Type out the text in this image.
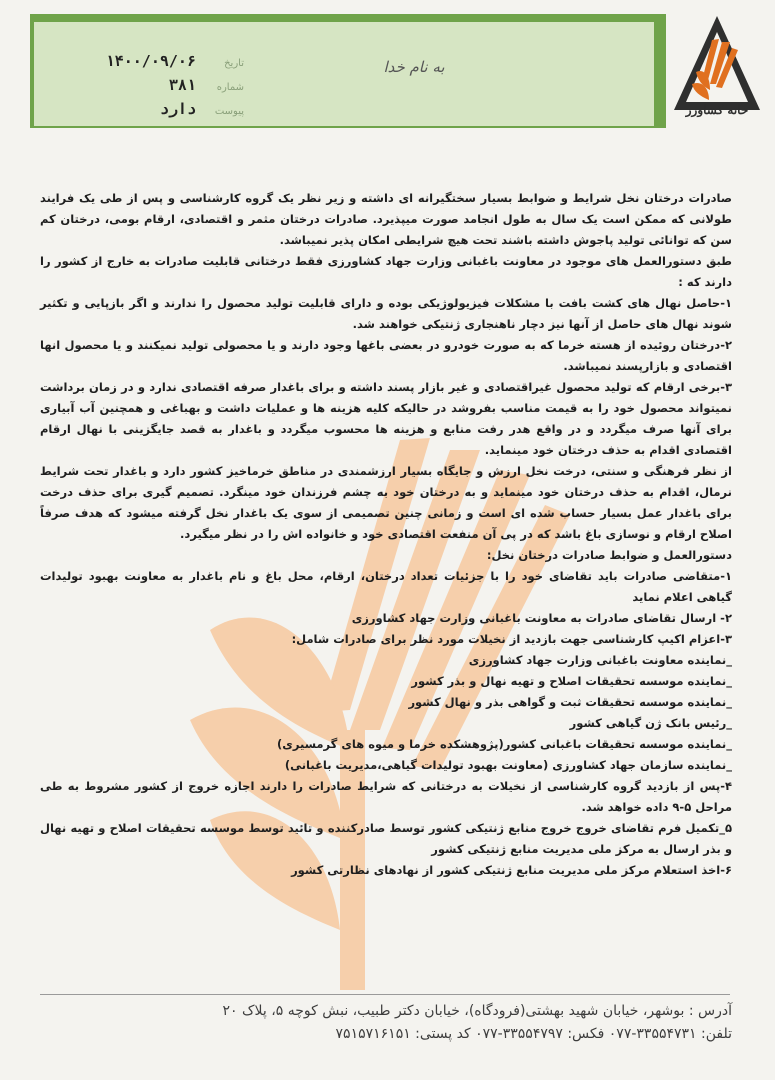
تاریخ
۱۴۰۰/۰۹/۰۶
شماره
۳۸۱
پیوست
دارد
به نام خدا
خانه کشاورز

صادرات درختان نخل شرایط و ضوابط بسیار سختگیرانه ای داشته و زیر نظر یک گروه کارشناسی و پس از طی یک فرایند طولانی که ممکن است یک سال به طول انجامد صورت میپذیرد. صادرات درختان مثمر و اقتصادی، ارقام بومی، درختان کم سن که توانائی تولید پاجوش داشته باشند تحت هیچ شرایطی امکان پذیر نمیباشد.

طبق دستورالعمل های موجود در معاونت باغبانی وزارت جهاد کشاورزی فقط درختانی قابلیت صادرات به خارج از کشور را دارند که :

۱-حاصل نهال های کشت بافت با مشکلات فیزیولوژیکی بوده و دارای قابلیت تولید محصول را ندارند و اگر بازپایی و تکثیر شوند نهال های حاصل از آنها نیز دچار ناهنجاری ژنتیکی خواهند شد.

۲-درختان روئیده از هسته خرما که به صورت خودرو در بعضی باغها وجود دارند و یا محصولی تولید نمیکنند و یا محصول انها اقتصادی و بازارپسند نمیباشد.

۳-برخی ارقام که تولید محصول غیراقتصادی و غیر بازار پسند داشته و برای باغدار صرفه اقتصادی ندارد و در زمان برداشت نمیتواند محصول خود را به قیمت مناسب بفروشد در حالیکه کلیه هزینه ها و عملیات داشت و بهباغی و همچنین آب آبیاری برای آنها صرف میگردد و در واقع هدر رفت منابع و هزینه ها محسوب میگردد و باغدار به قصد جایگزینی با نهال ارقام اقتصادی اقدام به حذف درختان خود مینماید.

از نظر فرهنگی و سنتی، درخت نخل ارزش و جایگاه بسیار ارزشمندی در مناطق خرماخیز کشور دارد و باغدار تحت شرایط نرمال، اقدام به حذف درختان خود مینماید و به درختان خود به چشم فرزندان خود مینگرد. تصمیم گیری برای حذف درخت برای باغدار عمل بسیار حساب شده ای است و زمانی چنین تصمیمی از سوی یک باغدار نخل گرفته میشود که هدف صرفاً اصلاح ارقام و نوسازی باغ باشد که در پی آن منفعت اقتصادی خود و خانواده اش را در نظر میگیرد.

دستورالعمل و ضوابط صادرات درختان نخل:

۱-متقاضی صادرات باید تقاضای خود را با جزئیات تعداد درختان، ارقام، محل باغ و نام باغدار به معاونت بهبود تولیدات گیاهی اعلام نماید

۲- ارسال تقاضای صادرات به معاونت باغبانی وزارت جهاد کشاورزی

۳-اعزام اکیپ کارشناسی جهت بازدید از نخیلات مورد نظر برای صادرات شامل:

_نماینده معاونت باغبانی وزارت جهاد کشاورزی

_نماینده موسسه تحقیقات اصلاح و تهیه نهال و بذر کشور

_نماینده موسسه تحقیقات ثبت و گواهی بذر و نهال کشور

_رئیس بانک ژن گیاهی کشور

_نماینده موسسه تحقیقات باغبانی کشور(پژوهشکده خرما و میوه های گرمسیری)

_نماینده سازمان جهاد کشاورزی (معاونت بهبود تولیدات گیاهی،مدیریت باغبانی)

۴-پس از بازدید گروه کارشناسی از نخیلات به درختانی که شرایط صادرات را دارند اجازه خروج از کشور مشروط به طی مراحل ۵-۹ داده خواهد شد.

۵_تکمیل فرم تقاضای خروج خروج منابع ژنتیکی کشور توسط صادرکننده و تائید توسط موسسه تحقیقات اصلاح و تهیه نهال و بذر ارسال به مرکز ملی مدیریت منابع ژنتیکی کشور

۶-اخذ استعلام مرکز ملی مدیریت منابع ژنتیکی کشور از نهادهای نظارتی کشور

آدرس : بوشهر، خیابان شهید بهشتی(فرودگاه)، خیابان دکتر طبیب، نبش کوچه ۵، پلاک ۲۰
تلفن: ۳۳۵۵۴۷۳۱-۰۷۷ فکس: ۳۳۵۵۴۷۹۷-۰۷۷ کد پستی: ۷۵۱۵۷۱۶۱۵۱
